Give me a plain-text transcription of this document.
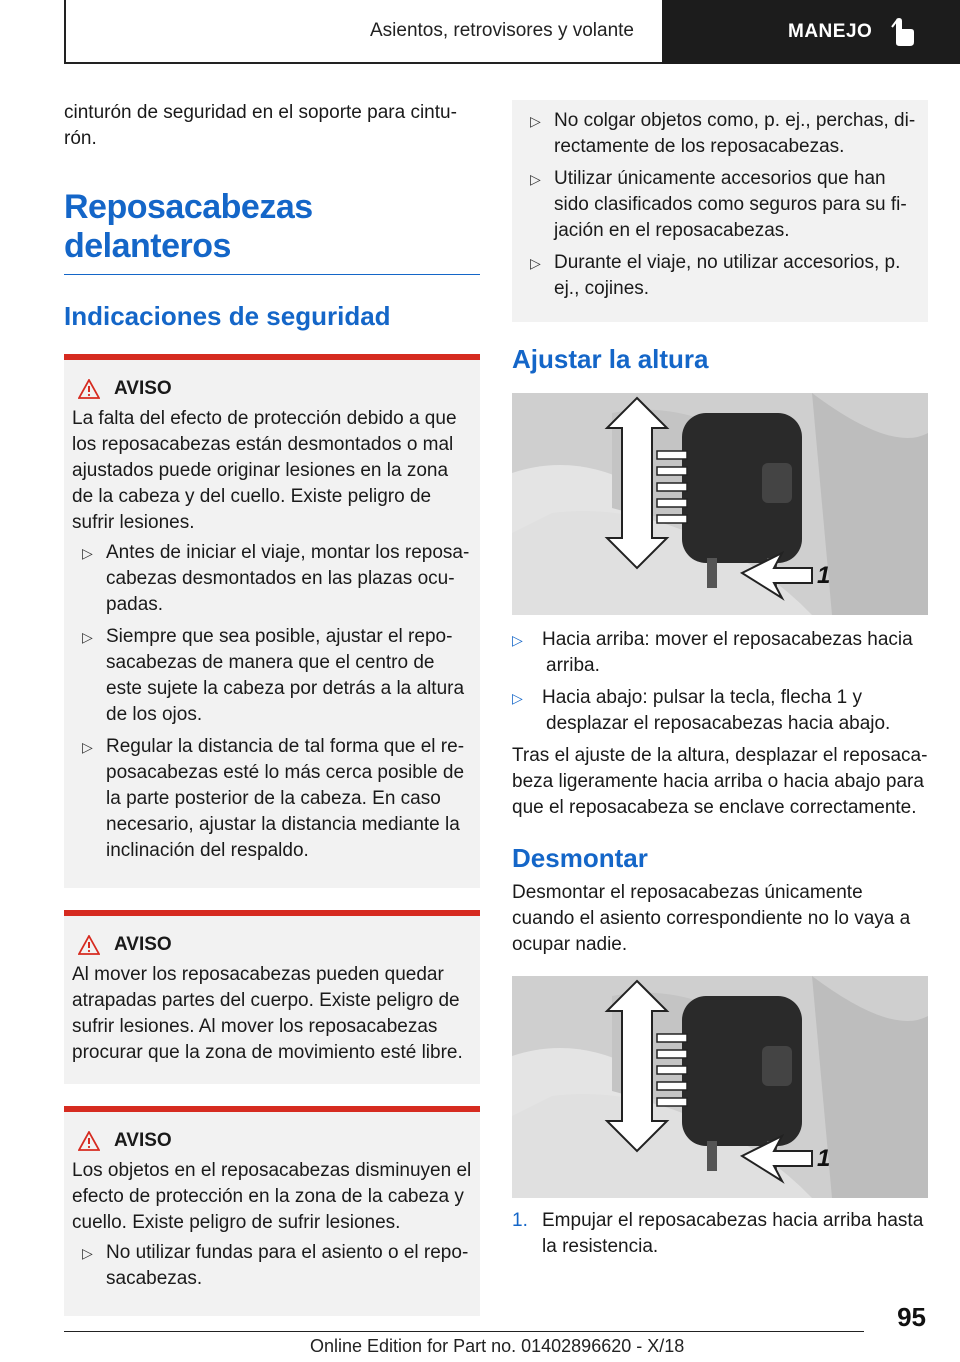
Asientos, retrovisores y volante	MANEJO

cinturón de seguridad en el soporte para cinturón.

Reposacabezas delanteros
Indicaciones de seguridad
AVISO

La falta del efecto de protección debido a que los reposacabezas están desmontados o mal ajustados puede originar lesiones en la zona de la cabeza y del cuello. Existe peligro de sufrir lesiones.

▷ Antes de iniciar el viaje, montar los reposacabezas desmontados en las plazas ocupadas.
▷ Siempre que sea posible, ajustar el reposacabezas de manera que el centro de este sujete la cabeza por detrás a la altura de los ojos.
▷ Regular la distancia de tal forma que el reposacabezas esté lo más cerca posible de la parte posterior de la cabeza. En caso necesario, ajustar la distancia mediante la inclinación del respaldo.
AVISO

Al mover los reposacabezas pueden quedar atrapadas partes del cuerpo. Existe peligro de sufrir lesiones. Al mover los reposacabezas procurar que la zona de movimiento esté libre.

AVISO

Los objetos en el reposacabezas disminuyen el efecto de protección en la zona de la cabeza y cuello. Existe peligro de sufrir lesiones.

▷ No utilizar fundas para el asiento o el reposacabezas.
▷ No colgar objetos como, p. ej., perchas, directamente de los reposacabezas.
▷ Utilizar únicamente accesorios que han sido clasificados como seguros para su fijación en el reposacabezas.
▷ Durante el viaje, no utilizar accesorios, p. ej., cojines.
Ajustar la altura
1
▷ Hacia arriba: mover el reposacabezas hacia arriba.
▷ Hacia abajo: pulsar la tecla, flecha 1 y desplazar el reposacabezas hacia abajo.

Tras el ajuste de la altura, desplazar el reposacabeza ligeramente hacia arriba o hacia abajo para que el reposacabeza se enclave correctamente.

Desmontar

Desmontar el reposacabezas únicamente cuando el asiento correspondiente no lo vaya a ocupar nadie.

1
1. Empujar el reposacabezas hacia arriba hasta la resistencia.
95
Online Edition for Part no. 01402896620 - X/18
